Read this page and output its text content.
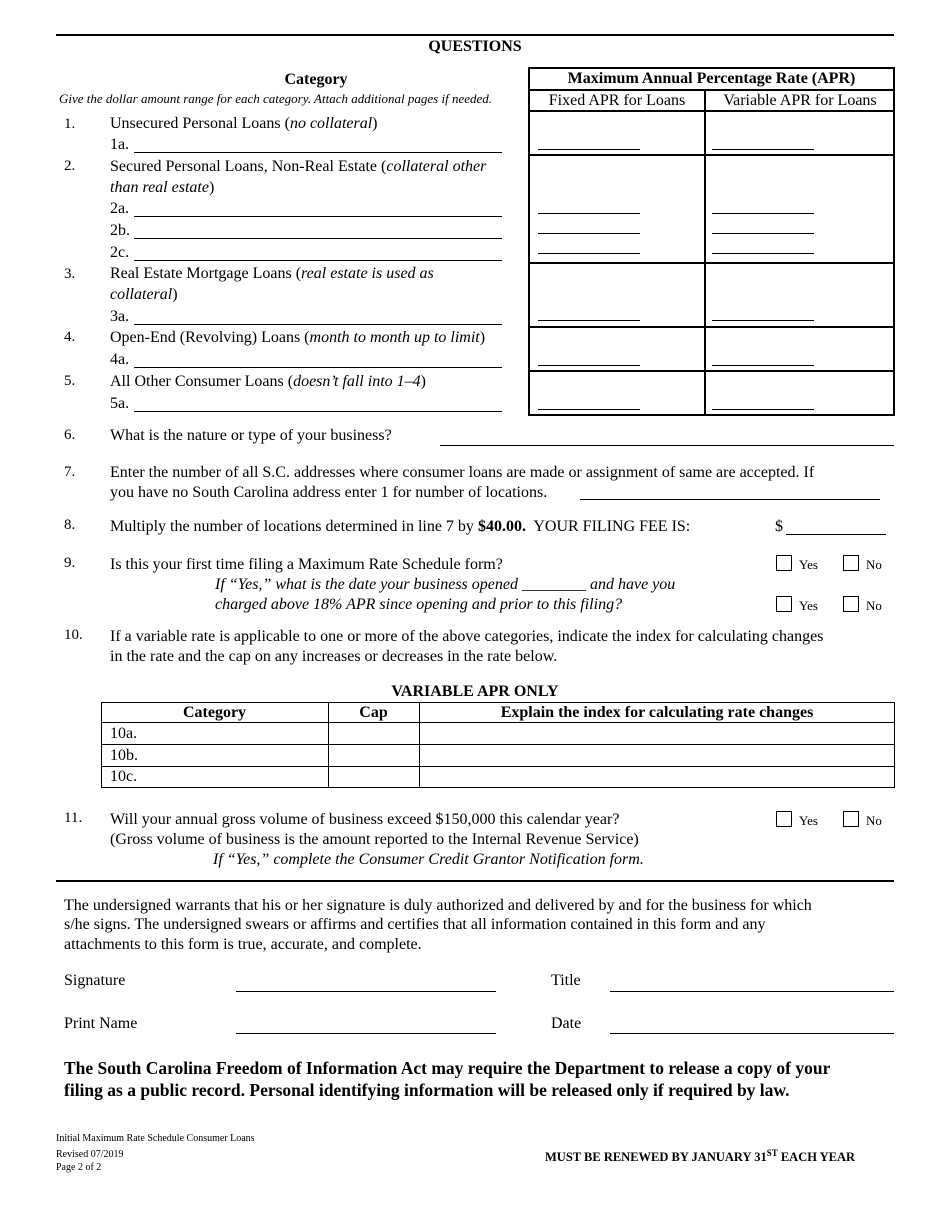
QUESTIONS
Category
Give the dollar amount range for each category. Attach additional pages if needed.
Maximum Annual Percentage Rate (APR)
Fixed APR for Loans	Variable APR for Loans
1. Unsecured Personal Loans (no collateral)
1a.
2. Secured Personal Loans, Non-Real Estate (collateral other
than real estate)
2a.
2b.
2c.
3. Real Estate Mortgage Loans (real estate is used as
collateral)
3a.
4. Open-End (Revolving) Loans (month to month up to limit)
4a.
5. All Other Consumer Loans (doesn’t fall into 1–4)
5a.
6. What is the nature or type of your business?
7. Enter the number of all S.C. addresses where consumer loans are made or assignment of same are accepted. If
you have no South Carolina address enter 1 for number of locations.
8. Multiply the number of locations determined in line 7 by $40.00.  YOUR FILING FEE IS:	$
9. Is this your first time filing a Maximum Rate Schedule form?
If “Yes,” what is the date your business opened ________ and have you
charged above 18% APR since opening and prior to this filing?
Yes	No
Yes	No
10. If a variable rate is applicable to one or more of the above categories, indicate the index for calculating changes
in the rate and the cap on any increases or decreases in the rate below.
VARIABLE APR ONLY
Category	Cap	Explain the index for calculating rate changes
10a.
10b.
10c.
11. Will your annual gross volume of business exceed $150,000 this calendar year?
(Gross volume of business is the amount reported to the Internal Revenue Service)
If “Yes,” complete the Consumer Credit Grantor Notification form.
Yes	No
The undersigned warrants that his or her signature is duly authorized and delivered by and for the business for which
s/he signs. The undersigned swears or affirms and certifies that all information contained in this form and any
attachments to this form is true, accurate, and complete.
Signature	Title
Print Name	Date
The South Carolina Freedom of Information Act may require the Department to release a copy of your
filing as a public record. Personal identifying information will be released only if required by law.
Initial Maximum Rate Schedule Consumer Loans
Revised 07/2019
Page 2 of 2
MUST BE RENEWED BY JANUARY 31ST EACH YEAR
